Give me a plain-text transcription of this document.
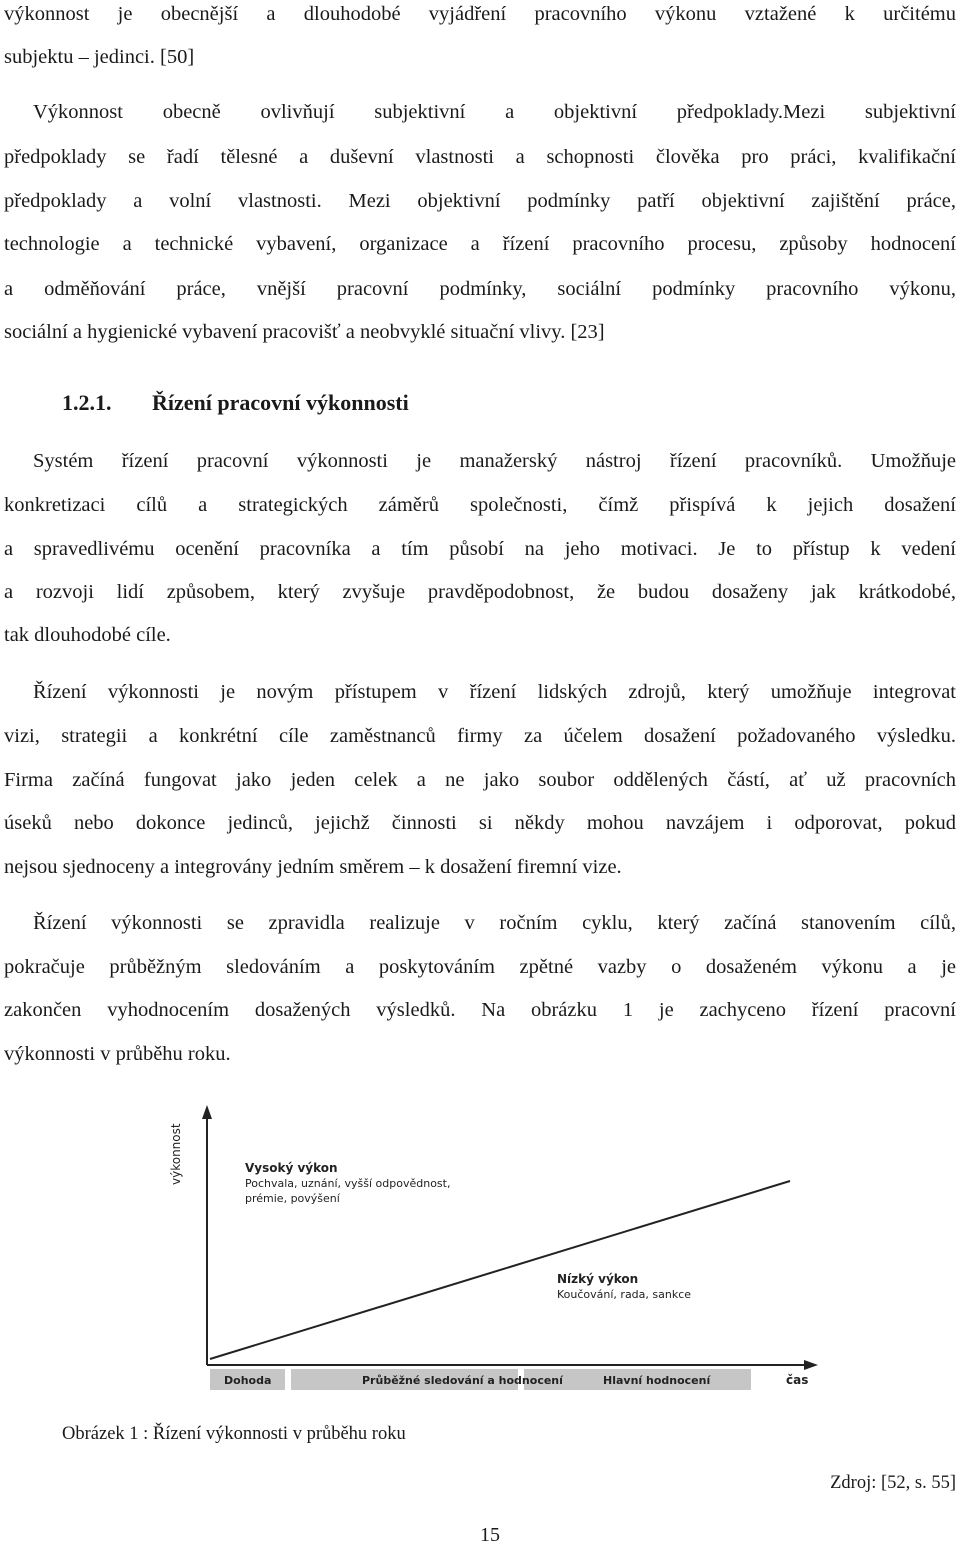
výkonnost je obecnější a dlouhodobé vyjádření pracovního výkonu vztažené k určitému
subjektu – jedinci. [50]
Výkonnost obecně ovlivňují subjektivní a objektivní předpoklady.Mezi subjektivní
předpoklady se řadí tělesné a duševní vlastnosti a schopnosti člověka pro práci, kvalifikační
předpoklady a volní vlastnosti. Mezi objektivní podmínky patří objektivní zajištění práce,
technologie a technické vybavení, organizace a řízení pracovního procesu, způsoby hodnocení
a odměňování práce, vnější pracovní podmínky, sociální podmínky pracovního výkonu,
sociální a hygienické vybavení pracovišť a neobvyklé situační vlivy. [23]
1.2.1. Řízení pracovní výkonnosti
Systém řízení pracovní výkonnosti je manažerský nástroj řízení pracovníků. Umožňuje
konkretizaci cílů a strategických záměrů společnosti, čímž přispívá k jejich dosažení
a spravedlivému ocenění pracovníka a tím působí na jeho motivaci. Je to přístup k vedení
a rozvoji lidí způsobem, který zvyšuje pravděpodobnost, že budou dosaženy jak krátkodobé,
tak dlouhodobé cíle.
Řízení výkonnosti je novým přístupem v řízení lidských zdrojů, který umožňuje integrovat
vizi, strategii a konkrétní cíle zaměstnanců firmy za účelem dosažení požadovaného výsledku.
Firma začíná fungovat jako jeden celek a ne jako soubor oddělených částí, ať už pracovních
úseků nebo dokonce jedinců, jejichž činnosti si někdy mohou navzájem i odporovat, pokud
nejsou sjednoceny a integrovány jedním směrem – k dosažení firemní vize.
Řízení výkonnosti se zpravidla realizuje v ročním cyklu, který začíná stanovením cílů,
pokračuje průběžným sledováním a poskytováním zpětné vazby o dosaženém výkonu a je
zakončen vyhodnocením dosažených výsledků. Na obrázku 1 je zachyceno řízení pracovní
výkonnosti v průběhu roku.
výkonnost	Vysoký výkon
Pochvala, uznání, vyšší odpovědnost,
prémie, povýšení
Nízký výkon
Koučování, rada, sankce
Dohoda	Průběžné sledování a hodnocení	Hlavní hodnocení	čas
Obrázek 1 : Řízení výkonnosti v průběhu roku
Zdroj: [52, s. 55]
15
